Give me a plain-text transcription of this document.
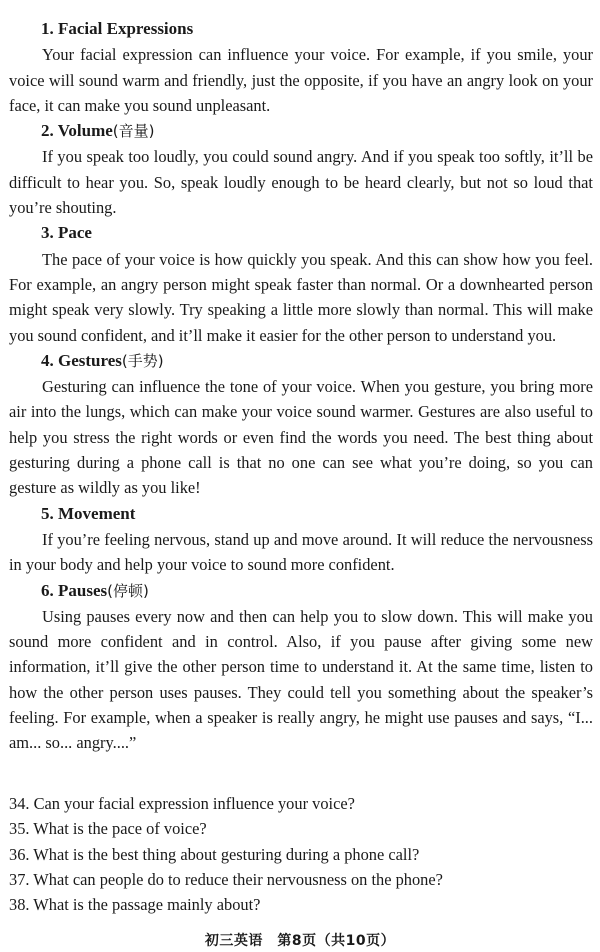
1. Facial Expressions

Your facial expression can influence your voice. For example, if you smile, your voice will sound warm and friendly, just the opposite, if you have an angry look on your face, it can make you sound unpleasant.

2. Volume(音量)

If you speak too loudly, you could sound angry. And if you speak too softly, it’ll be difficult to hear you. So, speak loudly enough to be heard clearly, but not so loud that you’re shouting.

3. Pace

The pace of your voice is how quickly you speak. And this can show how you feel. For example, an angry person might speak faster than normal. Or a downhearted person might speak very slowly. Try speaking a little more slowly than normal. This will make you sound confident, and it’ll make it easier for the other person to understand you.

4. Gestures(手势)

Gesturing can influence the tone of your voice. When you gesture, you bring more air into the lungs, which can make your voice sound warmer. Gestures are also useful to help you stress the right words or even find the words you need. The best thing about gesturing during a phone call is that no one can see what you’re doing, so you can gesture as wildly as you like!

5. Movement

If you’re feeling nervous, stand up and move around. It will reduce the nervousness in your body and help your voice to sound more confident.

6. Pauses(停顿)

Using pauses every now and then can help you to slow down. This will make you sound more confident and in control. Also, if you pause after giving some new information, it’ll give the other person time to understand it. At the same time, listen to how the other person uses pauses. They could tell you something about the speaker’s feeling. For example, when a speaker is really angry, he might use pauses and says, “I... am... so... angry....”

34. Can your facial expression influence your voice?

35. What is the pace of voice?

36. What is the best thing about gesturing during a phone call?

37. What can people do to reduce their nervousness on the phone?

38. What is the passage mainly about?

初三英语　第8页（共10页）
